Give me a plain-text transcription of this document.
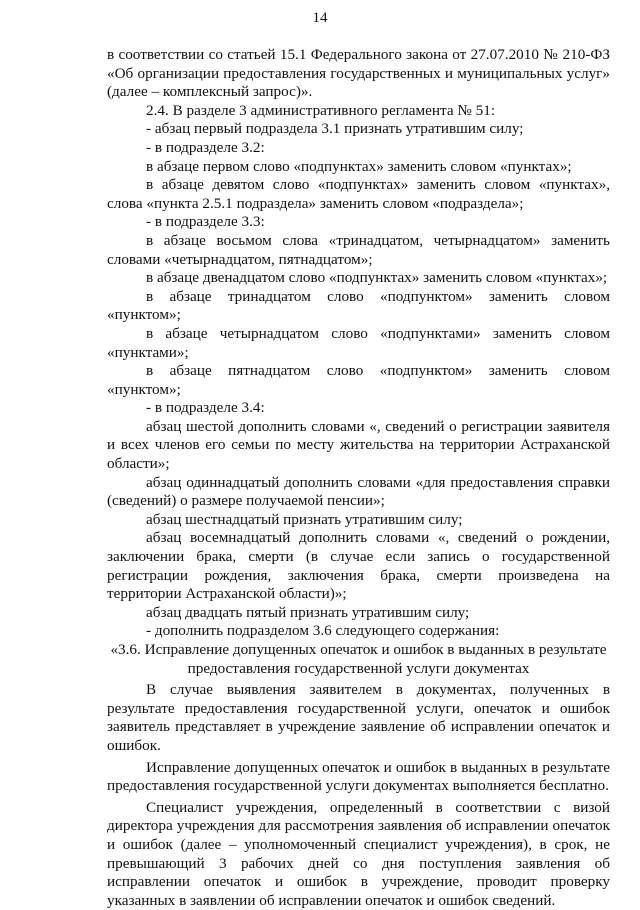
14

в соответствии со статьей 15.1 Федерального закона от 27.07.2010 № 210-ФЗ

«Об организации предоставления государственных и муниципальных услуг» (далее – комплексный запрос)».

2.4. В разделе 3 административного регламента № 51:

- абзац первый подраздела 3.1 признать утратившим силу;

- в подразделе 3.2:

в абзаце первом слово «подпунктах» заменить словом «пунктах»;

в абзаце девятом слово «подпунктах» заменить словом «пунктах», слова «пункта 2.5.1 подраздела» заменить словом «подраздела»;

- в подразделе 3.3:

в абзаце восьмом слова «тринадцатом, четырнадцатом» заменить словами «четырнадцатом, пятнадцатом»;

в абзаце двенадцатом слово «подпунктах» заменить словом «пунктах»;

в абзаце тринадцатом слово «подпунктом» заменить словом «пунктом»;

в абзаце четырнадцатом слово «подпунктами» заменить словом «пунктами»;

в абзаце пятнадцатом слово «подпунктом» заменить словом «пунктом»;

- в подразделе 3.4:

абзац шестой дополнить словами «, сведений о регистрации заявителя и всех членов его семьи по месту жительства на территории Астраханской области»;

абзац одиннадцатый дополнить словами «для предоставления справки (сведений) о размере получаемой пенсии»;

абзац шестнадцатый признать утратившим силу;

абзац восемнадцатый дополнить словами «, сведений о рождении, заключении брака, смерти (в случае если запись о государственной регистрации рождения, заключения брака, смерти произведена на территории Астраханской области)»;

абзац двадцать пятый признать утратившим силу;

- дополнить подразделом 3.6 следующего содержания:

«3.6. Исправление допущенных опечаток и ошибок в выданных в результате предоставления государственной услуги документах

В случае выявления заявителем в документах, полученных в результате предоставления государственной услуги, опечаток и ошибок заявитель представляет в учреждение заявление об исправлении опечаток и ошибок.

Исправление допущенных опечаток и ошибок в выданных в результате предоставления государственной услуги документах выполняется бесплатно.

Специалист учреждения, определенный в соответствии с визой директора учреждения для рассмотрения заявления об исправлении опечаток и ошибок (далее – уполномоченный специалист учреждения), в срок, не превышающий 3 рабочих дней со дня поступления заявления об исправлении опечаток и ошибок в учреждение, проводит проверку указанных в заявлении об исправлении опечаток и ошибок сведений.
